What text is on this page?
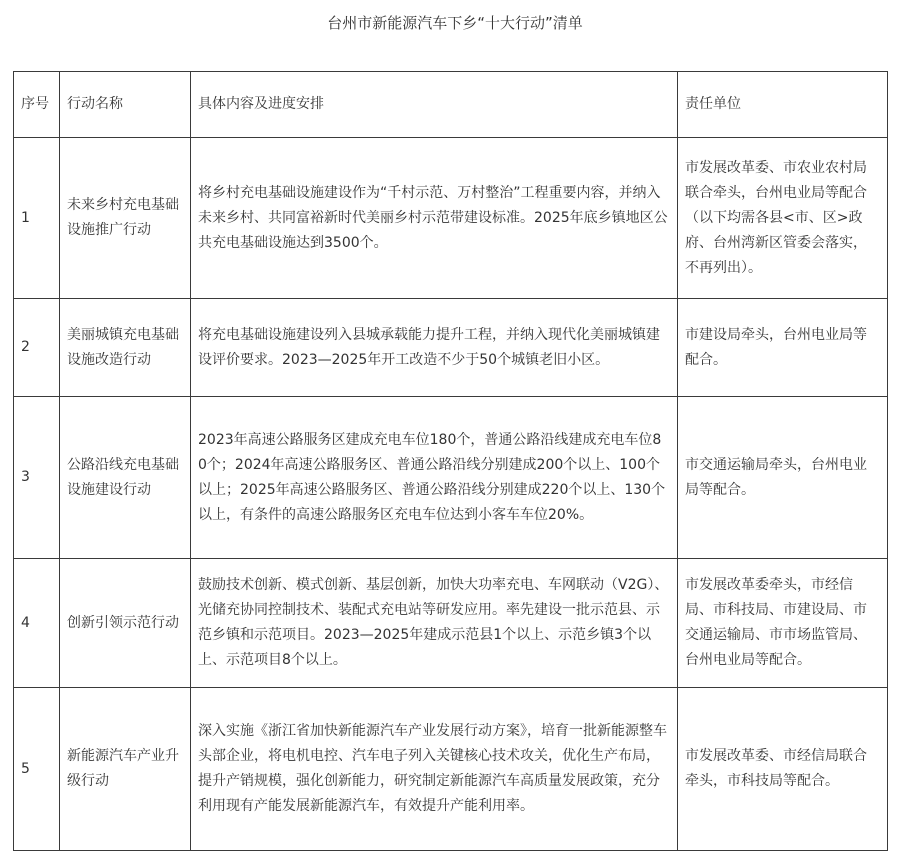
台州市新能源汽车下乡“十大行动”清单
序号	行动名称	具体内容及进度安排	责任单位
1	未来乡村充电基础设施推广行动	将乡村充电基础设施建设作为“千村示范、万村整治”工程重要内容，并纳入未来乡村、共同富裕新时代美丽乡村示范带建设标准。2025年底乡镇地区公共充电基础设施达到3500个。	市发展改革委、市农业农村局联合牵头，台州电业局等配合（以下均需各县<市、区>政府、台州湾新区管委会落实，不再列出）。
2	美丽城镇充电基础设施改造行动	将充电基础设施建设列入县城承载能力提升工程，并纳入现代化美丽城镇建设评价要求。2023—2025年开工改造不少于50个城镇老旧小区。	市建设局牵头，台州电业局等配合。
3	公路沿线充电基础设施建设行动	2023年高速公路服务区建成充电车位180个，普通公路沿线建成充电车位80个；2024年高速公路服务区、普通公路沿线分别建成200个以上、100个以上；2025年高速公路服务区、普通公路沿线分别建成220个以上、130个以上，有条件的高速公路服务区充电车位达到小客车车位20%。	市交通运输局牵头，台州电业局等配合。
4	创新引领示范行动	鼓励技术创新、模式创新、基层创新，加快大功率充电、车网联动（V2G）、光储充协同控制技术、装配式充电站等研发应用。率先建设一批示范县、示范乡镇和示范项目。2023—2025年建成示范县1个以上、示范乡镇3个以上、示范项目8个以上。	市发展改革委牵头，市经信局、市科技局、市建设局、市交通运输局、市市场监管局、台州电业局等配合。
5	新能源汽车产业升级行动	深入实施《浙江省加快新能源汽车产业发展行动方案》，培育一批新能源整车头部企业，将电机电控、汽车电子列入关键核心技术攻关，优化生产布局，提升产销规模，强化创新能力，研究制定新能源汽车高质量发展政策，充分利用现有产能发展新能源汽车，有效提升产能利用率。	市发展改革委、市经信局联合牵头，市科技局等配合。
